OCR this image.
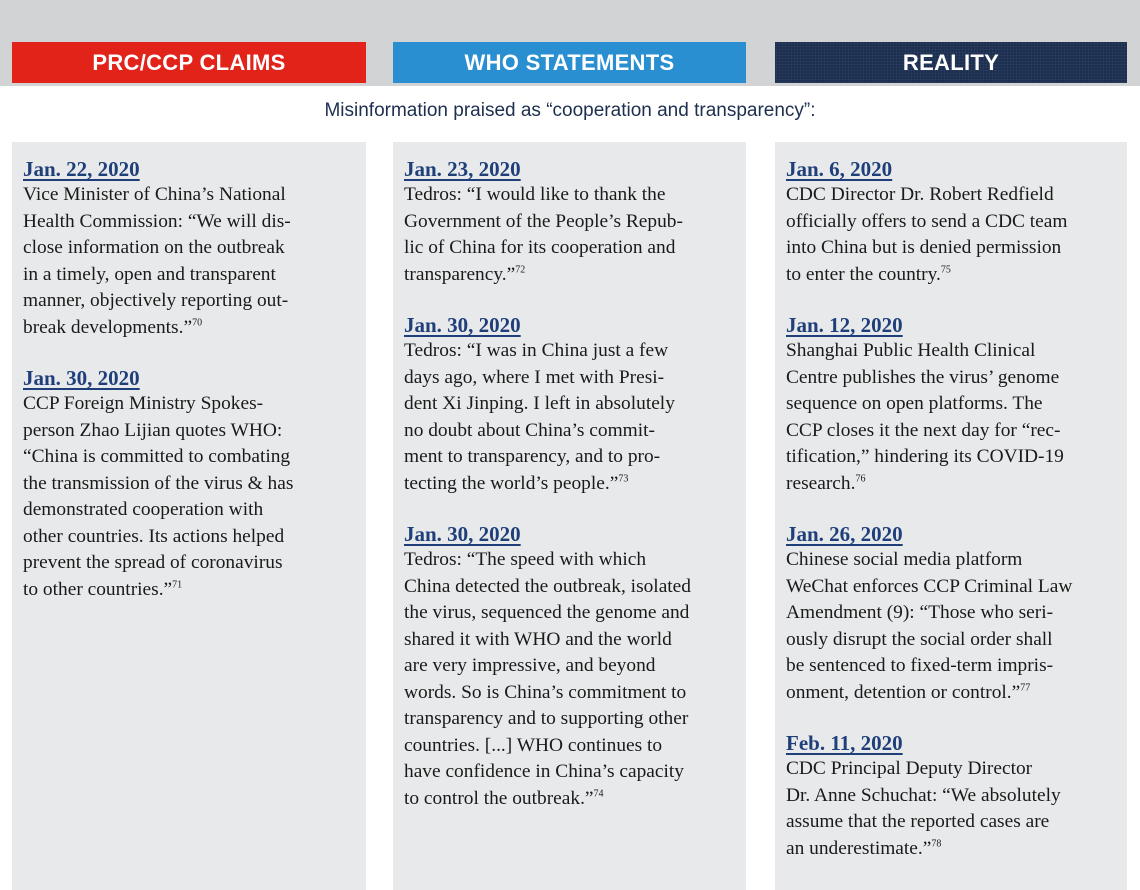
PRC/CCP CLAIMS	WHO STATEMENTS	REALITY
Misinformation praised as “cooperation and transparency”:
Jan. 22, 2020

Vice Minister of China’s National
Health Commission: “We will dis-
close information on the outbreak
in a timely, open and transparent
manner, objectively reporting out-
break developments.”$^{70}$

Jan. 30, 2020

CCP Foreign Ministry Spokes-
person Zhao Lijian quotes WHO:
“China is committed to combating
the transmission of the virus & has
demonstrated cooperation with
other countries. Its actions helped
prevent the spread of coronavirus
to other countries.”$^{71}$

Jan. 23, 2020

Tedros: “I would like to thank the
Government of the People’s Repub-
lic of China for its cooperation and
transparency.”$^{72}$

Jan. 30, 2020

Tedros: “I was in China just a few
days ago, where I met with Presi-
dent Xi Jinping. I left in absolutely
no doubt about China’s commit-
ment to transparency, and to pro-
tecting the world’s people.”$^{73}$

Jan. 30, 2020

Tedros: “The speed with which
China detected the outbreak, isolated
the virus, sequenced the genome and
shared it with WHO and the world
are very impressive, and beyond
words. So is China’s commitment to
transparency and to supporting other
countries. [...] WHO continues to
have confidence in China’s capacity
to control the outbreak.”$^{74}$

Jan. 6, 2020

CDC Director Dr. Robert Redfield
officially offers to send a CDC team
into China but is denied permission
to enter the country.$^{75}$

Jan. 12, 2020

Shanghai Public Health Clinical
Centre publishes the virus’ genome
sequence on open platforms. The
CCP closes it the next day for “rec-
tification,” hindering its COVID-19
research.$^{76}$

Jan. 26, 2020

Chinese social media platform
WeChat enforces CCP Criminal Law
Amendment (9): “Those who seri-
ously disrupt the social order shall
be sentenced to fixed-term impris-
onment, detention or control.”$^{77}$

Feb. 11, 2020

CDC Principal Deputy Director
Dr. Anne Schuchat: “We absolutely
assume that the reported cases are
an underestimate.”$^{78}$
